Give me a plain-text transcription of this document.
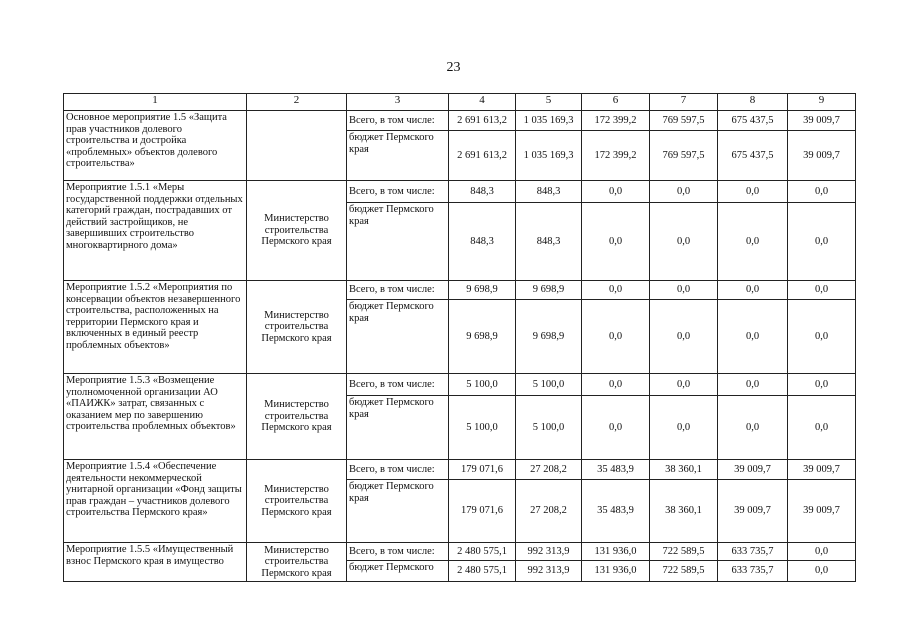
23
1	2	3	4	5	6	7	8	9
Основное мероприятие 1.5 «Защита прав участников долевого строительства и достройка «проблемных» объектов долевого строительства»		Всего, в том числе:	2 691 613,2	1 035 169,3	172 399,2	769 597,5	675 437,5	39 009,7
		бюджет Пермского края	2 691 613,2	1 035 169,3	172 399,2	769 597,5	675 437,5	39 009,7
Мероприятие 1.5.1 «Меры государственной поддержки отдельных категорий граждан, пострадавших от действий застройщиков, не завершивших строительство многоквартирного дома»	Министерство строительства Пермского края	Всего, в том числе:	848,3	848,3	0,0	0,0	0,0	0,0
		бюджет Пермского края	848,3	848,3	0,0	0,0	0,0	0,0
Мероприятие 1.5.2 «Мероприятия по консервации объектов незавершенного строительства, расположенных на территории Пермского края и включенных в единый реестр проблемных объектов»	Министерство строительства Пермского края	Всего, в том числе:	9 698,9	9 698,9	0,0	0,0	0,0	0,0
		бюджет Пермского края	9 698,9	9 698,9	0,0	0,0	0,0	0,0
Мероприятие 1.5.3 «Возмещение уполномоченной организации АО «ПАИЖК» затрат, связанных с оказанием мер по завершению строительства проблемных объектов»	Министерство строительства Пермского края	Всего, в том числе:	5 100,0	5 100,0	0,0	0,0	0,0	0,0
		бюджет Пермского края	5 100,0	5 100,0	0,0	0,0	0,0	0,0
Мероприятие 1.5.4 «Обеспечение деятельности некоммерческой унитарной организации «Фонд защиты прав граждан – участников долевого строительства Пермского края»	Министерство строительства Пермского края	Всего, в том числе:	179 071,6	27 208,2	35 483,9	38 360,1	39 009,7	39 009,7
		бюджет Пермского края	179 071,6	27 208,2	35 483,9	38 360,1	39 009,7	39 009,7
Мероприятие 1.5.5 «Имущественный взнос Пермского края в имущество	Министерство строительства Пермского края	Всего, в том числе:	2 480 575,1	992 313,9	131 936,0	722 589,5	633 735,7	0,0
		бюджет Пермского	2 480 575,1	992 313,9	131 936,0	722 589,5	633 735,7	0,0
